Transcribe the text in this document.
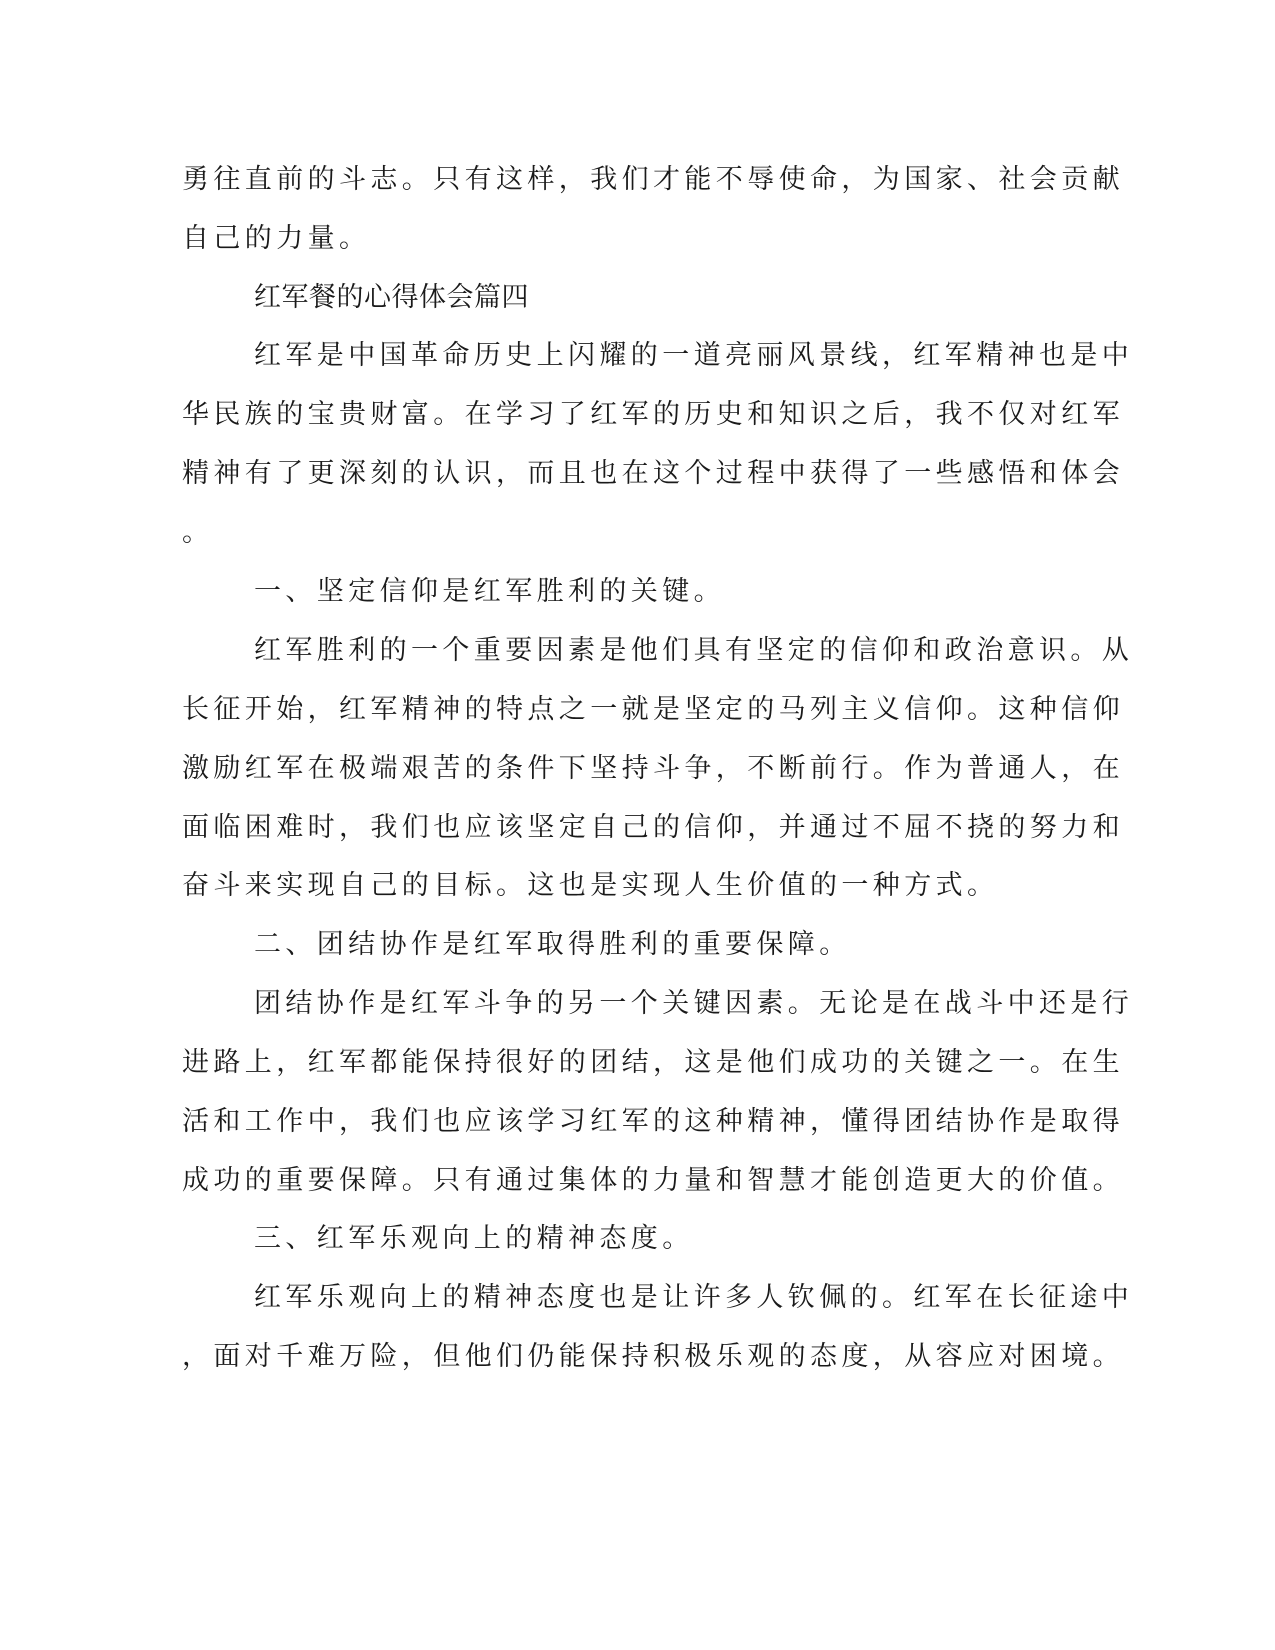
勇往直前的斗志。只有这样，我们才能不辱使命，为国家、社会贡献

自己的力量。

红军餐的心得体会篇四

红军是中国革命历史上闪耀的一道亮丽风景线，红军精神也是中

华民族的宝贵财富。在学习了红军的历史和知识之后，我不仅对红军

精神有了更深刻的认识，而且也在这个过程中获得了一些感悟和体会

。

一、坚定信仰是红军胜利的关键。

红军胜利的一个重要因素是他们具有坚定的信仰和政治意识。从

长征开始，红军精神的特点之一就是坚定的马列主义信仰。这种信仰

激励红军在极端艰苦的条件下坚持斗争，不断前行。作为普通人，在

面临困难时，我们也应该坚定自己的信仰，并通过不屈不挠的努力和

奋斗来实现自己的目标。这也是实现人生价值的一种方式。

二、团结协作是红军取得胜利的重要保障。

团结协作是红军斗争的另一个关键因素。无论是在战斗中还是行

进路上，红军都能保持很好的团结，这是他们成功的关键之一。在生

活和工作中，我们也应该学习红军的这种精神，懂得团结协作是取得

成功的重要保障。只有通过集体的力量和智慧才能创造更大的价值。

三、红军乐观向上的精神态度。

红军乐观向上的精神态度也是让许多人钦佩的。红军在长征途中

，面对千难万险，但他们仍能保持积极乐观的态度，从容应对困境。
